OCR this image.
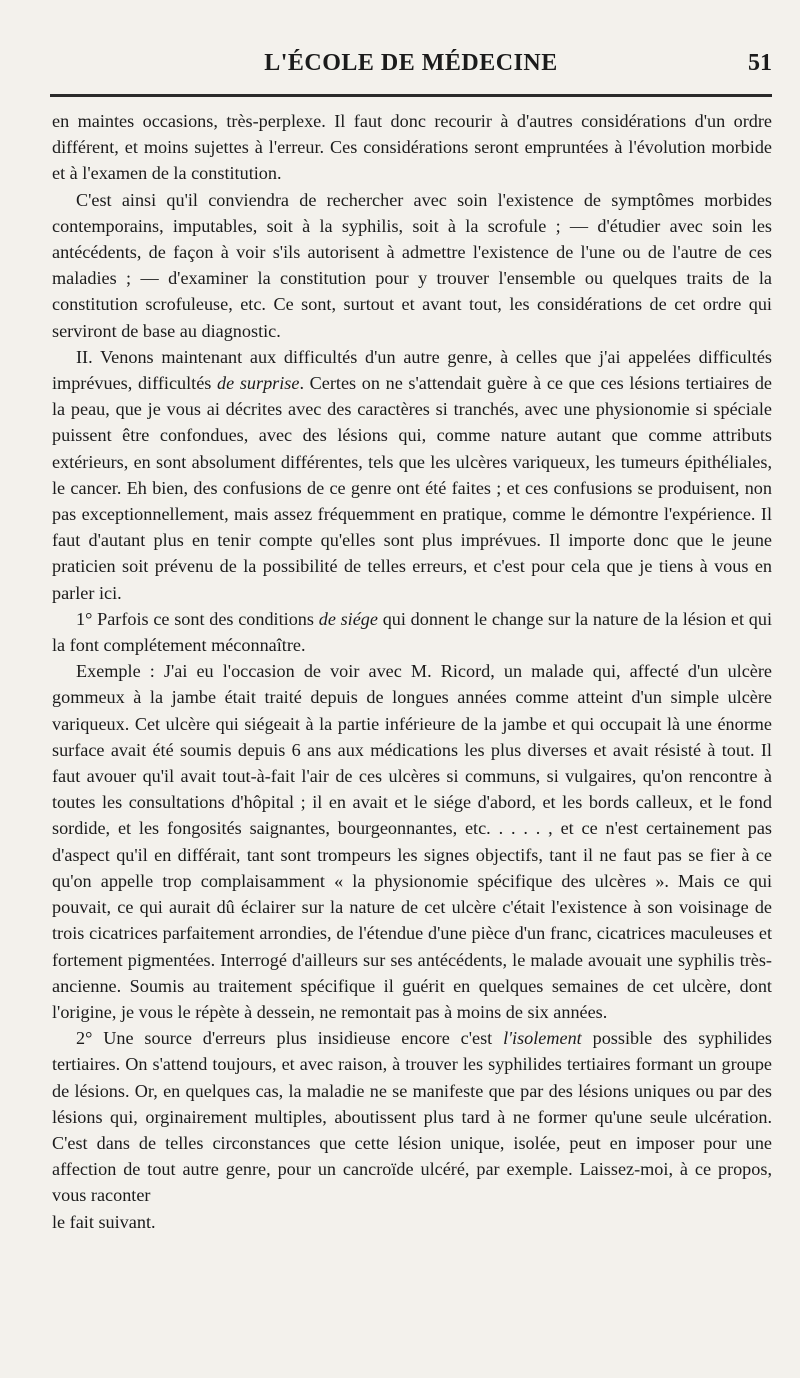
L'ÉCOLE DE MÉDECINE	51

en maintes occasions, très-perplexe. Il faut donc recourir à d'autres considérations d'un ordre différent, et moins sujettes à l'erreur. Ces considérations seront empruntées à l'évolution morbide et à l'examen de la constitution.

C'est ainsi qu'il conviendra de rechercher avec soin l'existence de symptômes morbides contemporains, imputables, soit à la syphilis, soit à la scrofule ; — d'étudier avec soin les antécédents, de façon à voir s'ils autorisent à admettre l'existence de l'une ou de l'autre de ces maladies ; — d'examiner la constitution pour y trouver l'ensemble ou quelques traits de la constitution scrofuleuse, etc. Ce sont, surtout et avant tout, les considérations de cet ordre qui serviront de base au diagnostic.

II. Venons maintenant aux difficultés d'un autre genre, à celles que j'ai appelées difficultés imprévues, difficultés de surprise. Certes on ne s'attendait guère à ce que ces lésions tertiaires de la peau, que je vous ai décrites avec des caractères si tranchés, avec une physionomie si spéciale puissent être confondues, avec des lésions qui, comme nature autant que comme attributs extérieurs, en sont absolument différentes, tels que les ulcères variqueux, les tumeurs épithéliales, le cancer. Eh bien, des confusions de ce genre ont été faites ; et ces confusions se produisent, non pas exceptionnellement, mais assez fréquemment en pratique, comme le démontre l'expérience. Il faut d'autant plus en tenir compte qu'elles sont plus imprévues. Il importe donc que le jeune praticien soit prévenu de la possibilité de telles erreurs, et c'est pour cela que je tiens à vous en parler ici.

1° Parfois ce sont des conditions de siége qui donnent le change sur la nature de la lésion et qui la font complétement méconnaître.

Exemple : J'ai eu l'occasion de voir avec M. Ricord, un malade qui, affecté d'un ulcère gommeux à la jambe était traité depuis de longues années comme atteint d'un simple ulcère variqueux. Cet ulcère qui siégeait à la partie inférieure de la jambe et qui occupait là une énorme surface avait été soumis depuis 6 ans aux médications les plus diverses et avait résisté à tout. Il faut avouer qu'il avait tout-à-fait l'air de ces ulcères si communs, si vulgaires, qu'on rencontre à toutes les consultations d'hôpital ; il en avait et le siége d'abord, et les bords calleux, et le fond sordide, et les fongosités saignantes, bourgeonnantes, etc. . . . . , et ce n'est certainement pas d'aspect qu'il en différait, tant sont trompeurs les signes objectifs, tant il ne faut pas se fier à ce qu'on appelle trop complaisamment « la physionomie spécifique des ulcères ». Mais ce qui pouvait, ce qui aurait dû éclairer sur la nature de cet ulcère c'était l'existence à son voisinage de trois cicatrices parfaitement arrondies, de l'étendue d'une pièce d'un franc, cicatrices maculeuses et fortement pigmentées. Interrogé d'ailleurs sur ses antécédents, le malade avouait une syphilis très-ancienne. Soumis au traitement spécifique il guérit en quelques semaines de cet ulcère, dont l'origine, je vous le répète à dessein, ne remontait pas à moins de six années.

2° Une source d'erreurs plus insidieuse encore c'est l'isolement possible des syphilides tertiaires. On s'attend toujours, et avec raison, à trouver les syphilides tertiaires formant un groupe de lésions. Or, en quelques cas, la maladie ne se manifeste que par des lésions uniques ou par des lésions qui, orginairement multiples, aboutissent plus tard à ne former qu'une seule ulcération. C'est dans de telles circonstances que cette lésion unique, isolée, peut en imposer pour une affection de tout autre genre, pour un cancroïde ulcéré, par exemple. Laissez-moi, à ce propos, vous raconter

le fait suivant.
